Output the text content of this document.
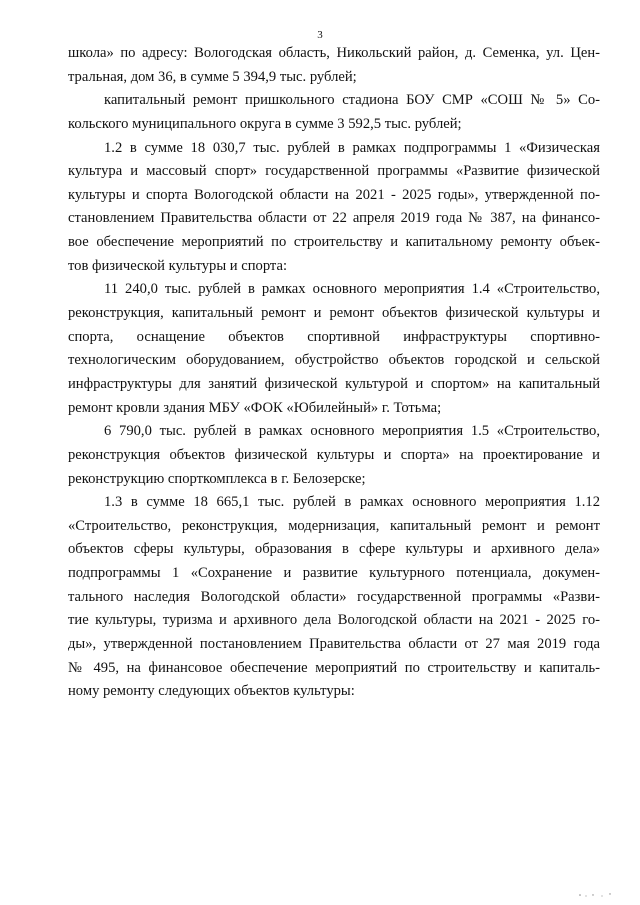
3
школа» по адресу: Вологодская область, Никольский район, д. Семенка, ул. Цен-
тральная, дом 36, в сумме 5 394,9 тыс. рублей;
капитальный ремонт пришкольного стадиона БОУ СМР «СОШ № 5» Со-
кольского муниципального округа в сумме 3 592,5 тыс. рублей;
1.2 в сумме 18 030,7 тыс. рублей в рамках подпрограммы 1 «Физическая
культура и массовый спорт» государственной программы «Развитие физической
культуры и спорта Вологодской области на 2021 - 2025 годы», утвержденной по-
становлением Правительства области от 22 апреля 2019 года № 387, на финансо-
вое обеспечение мероприятий по строительству и капитальному ремонту объек-
тов физической культуры и спорта:
11 240,0 тыс. рублей в рамках основного мероприятия 1.4 «Строительство,
реконструкция, капитальный ремонт и ремонт объектов физической культуры и
спорта, оснащение объектов спортивной инфраструктуры спортивно-
технологическим оборудованием, обустройство объектов городской и сельской
инфраструктуры для занятий физической культурой и спортом» на капитальный
ремонт кровли здания МБУ «ФОК «Юбилейный» г. Тотьма;
6 790,0 тыс. рублей в рамках основного мероприятия 1.5 «Строительство,
реконструкция объектов физической культуры и спорта» на проектирование и
реконструкцию спорткомплекса в г. Белозерске;
1.3 в сумме 18 665,1 тыс. рублей в рамках основного мероприятия 1.12
«Строительство, реконструкция, модернизация, капитальный ремонт и ремонт
объектов сферы культуры, образования в сфере культуры и архивного дела»
подпрограммы 1 «Сохранение и развитие культурного потенциала, докумен-
тального наследия Вологодской области» государственной программы «Разви-
тие культуры, туризма и архивного дела Вологодской области на 2021 - 2025 го-
ды», утвержденной постановлением Правительства области от 27 мая 2019 года
№ 495, на финансовое обеспечение мероприятий по строительству и капиталь-
ному ремонту следующих объектов культуры:
